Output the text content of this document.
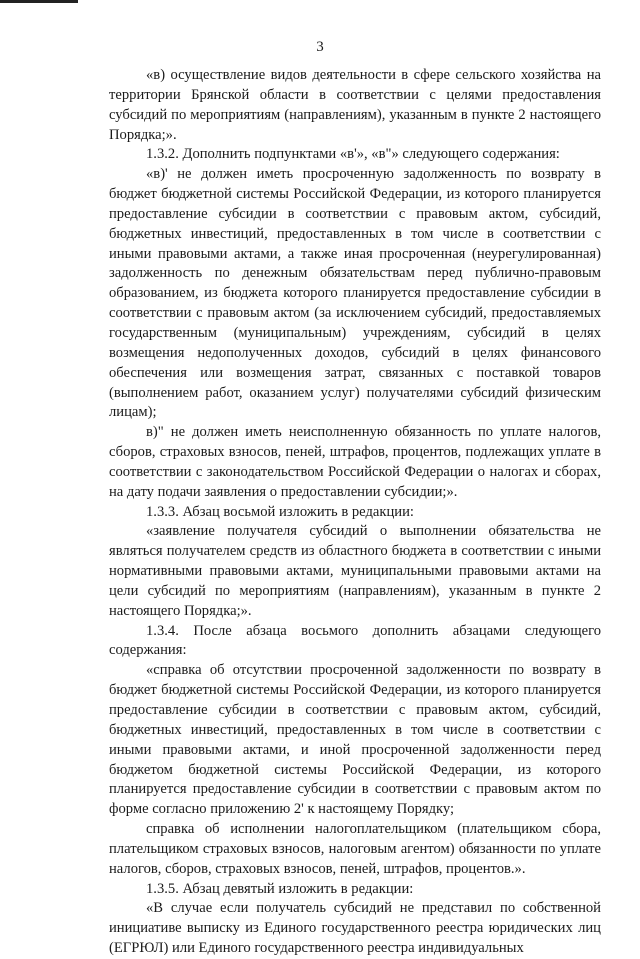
3

«в) осуществление видов деятельности в сфере сельского хозяйства на территории Брянской области в соответствии с целями предоставления субсидий по мероприятиям (направлениям), указанным в пункте 2 настоящего Порядка;».

1.3.2. Дополнить подпунктами «в'», «в"» следующего содержания:

«в)' не должен иметь просроченную задолженность по возврату в бюджет бюджетной системы Российской Федерации, из которого планируется предоставление субсидии в соответствии с правовым актом, субсидий, бюджетных инвестиций, предоставленных в том числе в соответствии с иными правовыми актами, а также иная просроченная (неурегулированная) задолженность по денежным обязательствам перед публично-правовым образованием, из бюджета которого планируется предоставление субсидии в соответствии с правовым актом (за исключением субсидий, предоставляемых государственным (муниципальным) учреждениям, субсидий в целях возмещения недополученных доходов, субсидий в целях финансового обеспечения или возмещения затрат, связанных с поставкой товаров (выполнением работ, оказанием услуг) получателями субсидий физическим лицам);

в)" не должен иметь неисполненную обязанность по уплате налогов, сборов, страховых взносов, пеней, штрафов, процентов, подлежащих уплате в соответствии с законодательством Российской Федерации о налогах и сборах, на дату подачи заявления о предоставлении субсидии;».

1.3.3. Абзац восьмой изложить в редакции:

«заявление получателя субсидий о выполнении обязательства не являться получателем средств из областного бюджета в соответствии с иными нормативными правовыми актами, муниципальными правовыми актами на цели субсидий по мероприятиям (направлениям), указанным в пункте 2 настоящего Порядка;».

1.3.4. После абзаца восьмого дополнить абзацами следующего содержания:

«справка об отсутствии просроченной задолженности по возврату в бюджет бюджетной системы Российской Федерации, из которого планируется предоставление субсидии в соответствии с правовым актом, субсидий, бюджетных инвестиций, предоставленных в том числе в соответствии с иными правовыми актами, и иной просроченной задолженности перед бюджетом бюджетной системы Российской Федерации, из которого планируется предоставление субсидии в соответствии с правовым актом по форме согласно приложению 2' к настоящему Порядку;

справка об исполнении налогоплательщиком (плательщиком сбора, плательщиком страховых взносов, налоговым агентом) обязанности по уплате налогов, сборов, страховых взносов, пеней, штрафов, процентов.».

1.3.5. Абзац девятый изложить в редакции:

«В случае если получатель субсидий не представил по собственной инициативе выписку из Единого государственного реестра юридических лиц (ЕГРЮЛ) или Единого государственного реестра индивидуальных
